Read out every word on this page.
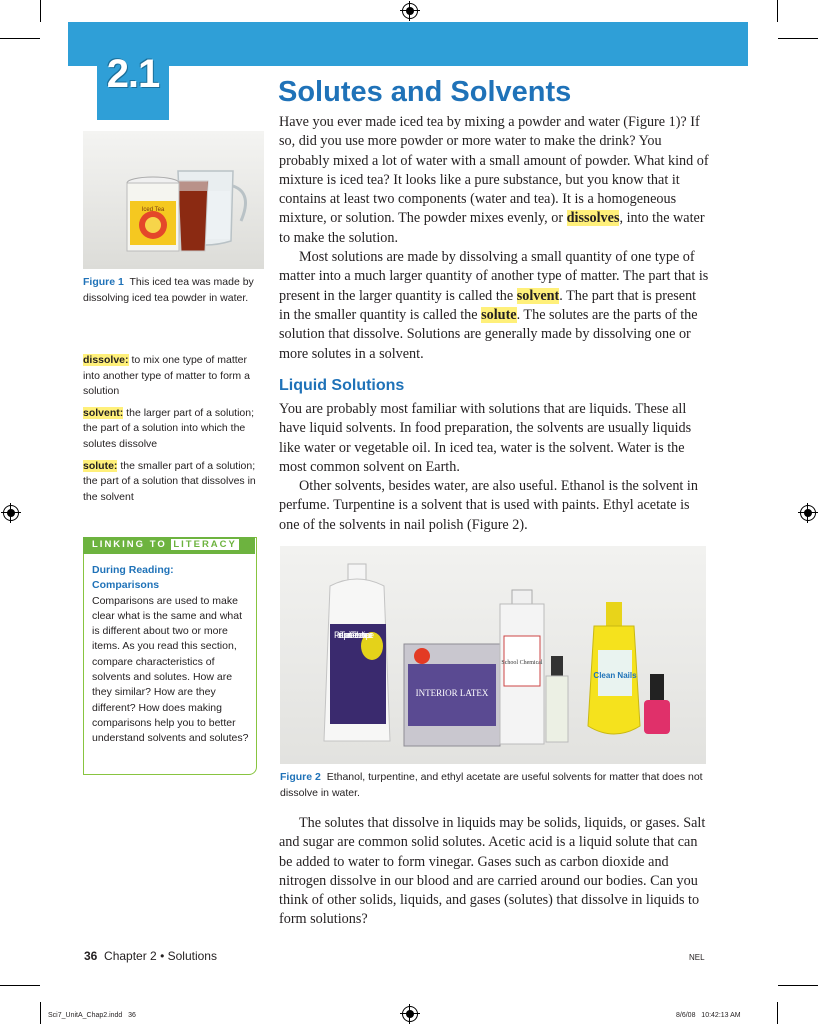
2.1	Solutes and Solvents
Iced Tea
Figure 1 This iced tea was made by dissolving iced tea powder in water.
dissolve: to mix one type of matter into another type of matter to form a solution
solvent: the larger part of a solution; the part of a solution into which the solutes dissolve
solute: the smaller part of a solution; the part of a solution that dissolves in the solvent
LINKING TO LITERACY
During Reading: Comparisons
Comparisons are used to make clear what is the same and what is different about two or more items. As you read this section, compare characteristics of solvents and solutes. How are they similar? How are they different? How does making comparisons help you to better understand solvents and solutes?

Have you ever made iced tea by mixing a powder and water (Figure 1)? If so, did you use more powder or more water to make the drink? You probably mixed a lot of water with a small amount of powder. What kind of mixture is iced tea? It looks like a pure substance, but you know that it contains at least two components (water and tea). It is a homogeneous mixture, or solution. The powder mixes evenly, or dissolves, into the water to make the solution.

Most solutions are made by dissolving a small quantity of one type of matter into a much larger quantity of another type of matter. The part that is present in the larger quantity is called the solvent. The part that is present in the smaller quantity is called the solute. The solutes are the parts of the solution that dissolve. Solutions are generally made by dissolving one or more solutes in a solvent.

Liquid Solutions

You are probably most familiar with solutions that are liquids. These all have liquid solvents. In food preparation, the solvents are usually liquids like water or vegetable oil. In iced tea, water is the solvent. Water is the most common solvent on Earth.

Other solvents, besides water, are also useful. Ethanol is the solvent in perfume. Turpentine is a solvent that is used with paints. Ethyl acetate is one of the solvents in nail polish (Figure 2).

Pure Turpentine Térébenthine pure
INTERIOR LATEX
School Chemical
Clean Nails
Figure 2 Ethanol, turpentine, and ethyl acetate are useful solvents for matter that does not dissolve in water.

The solutes that dissolve in liquids may be solids, liquids, or gases. Salt and sugar are common solid solutes. Acetic acid is a liquid solute that can be added to water to form vinegar. Gases such as carbon dioxide and nitrogen dissolve in our blood and are carried around our bodies. Can you think of other solids, liquids, and gases (solutes) that dissolve in liquids to form solutions?

36 Chapter 2 • Solutions	NEL
Sci7_UnitA_Chap2.indd   36	8/6/08   10:42:13 AM
